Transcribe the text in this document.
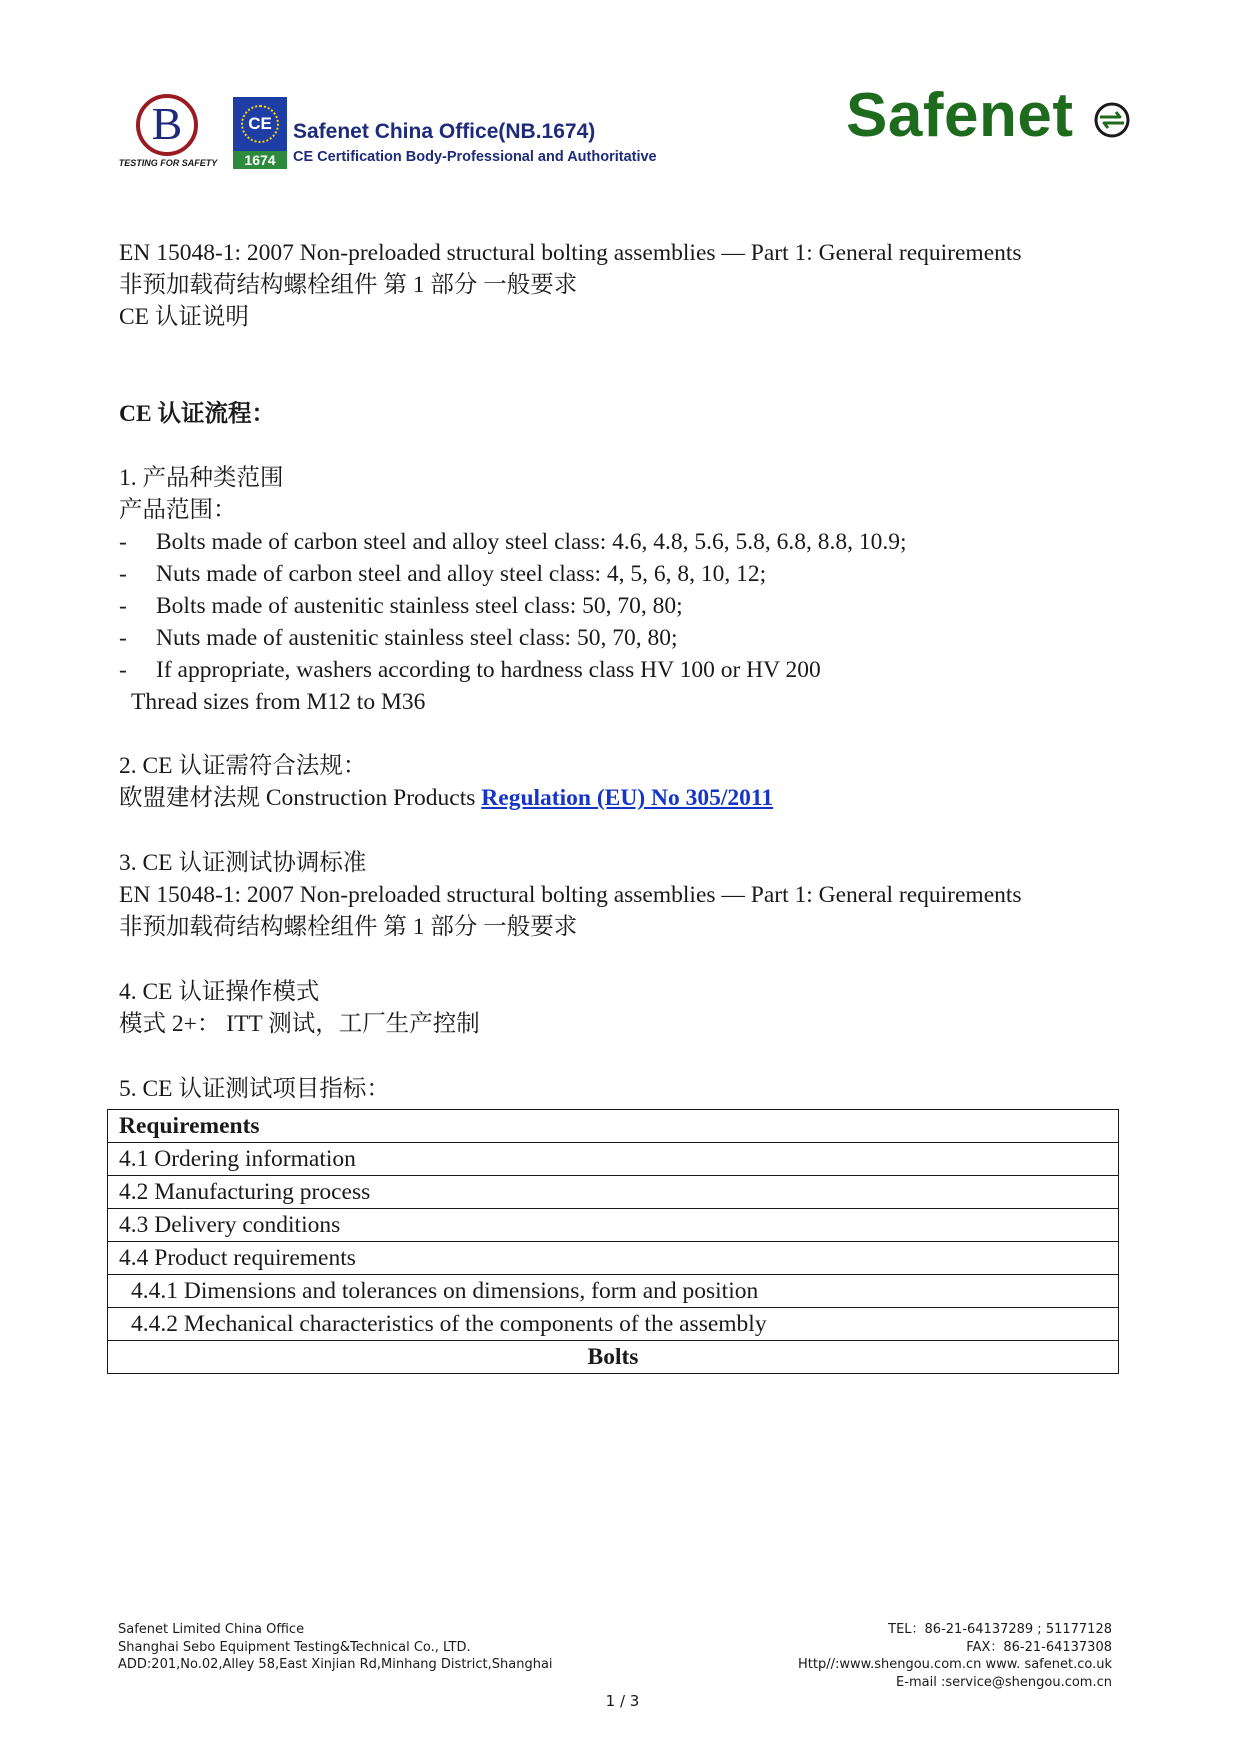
B
TESTING FOR SAFETY
CE
1674
Safenet China Office(NB.1674)
CE Certification Body-Professional and Authoritative
Safenet
EN 15048-1: 2007 Non-preloaded structural bolting assemblies — Part 1: General requirements
非预加载荷结构螺栓组件 第 1 部分 一般要求
CE 认证说明
CE 认证流程：
1. 产品种类范围
产品范围：
-	Bolts made of carbon steel and alloy steel class: 4.6, 4.8, 5.6, 5.8, 6.8, 8.8, 10.9;
-	Nuts made of carbon steel and alloy steel class: 4, 5, 6, 8, 10, 12;
-	Bolts made of austenitic stainless steel class: 50, 70, 80;
-	Nuts made of austenitic stainless steel class: 50, 70, 80;
-	If appropriate, washers according to hardness class HV 100 or HV 200
Thread sizes from M12 to M36
2. CE 认证需符合法规：
欧盟建材法规 Construction Products Regulation (EU) No 305/2011
3. CE 认证测试协调标准
EN 15048-1: 2007 Non-preloaded structural bolting assemblies — Part 1: General requirements
非预加载荷结构螺栓组件 第 1 部分 一般要求
4. CE 认证操作模式
模式 2+： ITT 测试，工厂生产控制
5. CE 认证测试项目指标：
Requirements
4.1 Ordering information
4.2 Manufacturing process
4.3 Delivery conditions
4.4 Product requirements
4.4.1 Dimensions and tolerances on dimensions, form and position
4.4.2 Mechanical characteristics of the components of the assembly
Bolts
Safenet Limited China Office
Shanghai Sebo Equipment Testing&Technical Co., LTD.
ADD:201,No.02,Alley 58,East Xinjian Rd,Minhang District,Shanghai
TEL：86-21-64137289 ; 51177128
FAX：86-21-64137308
Http//:www.shengou.com.cn www. safenet.co.uk
E-mail :service@shengou.com.cn
1 / 3
